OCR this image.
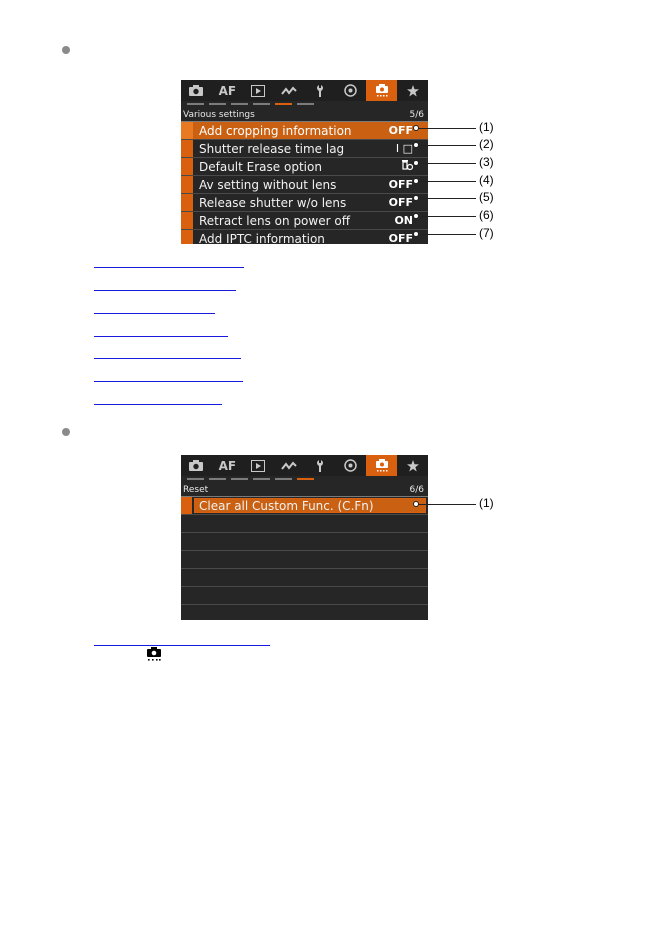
AF
Various settings	5/6
Add cropping information	OFF
Shutter release time lag	I □
Default Erase option
Av setting without lens	OFF
Release shutter w/o lens	OFF
Retract lens on power off	ON
Add IPTC information	OFF
(1)
(2)
(3)
(4)
(5)
(6)
(7)
AF
Reset	6/6
Clear all Custom Func. (C.Fn)	(1)
